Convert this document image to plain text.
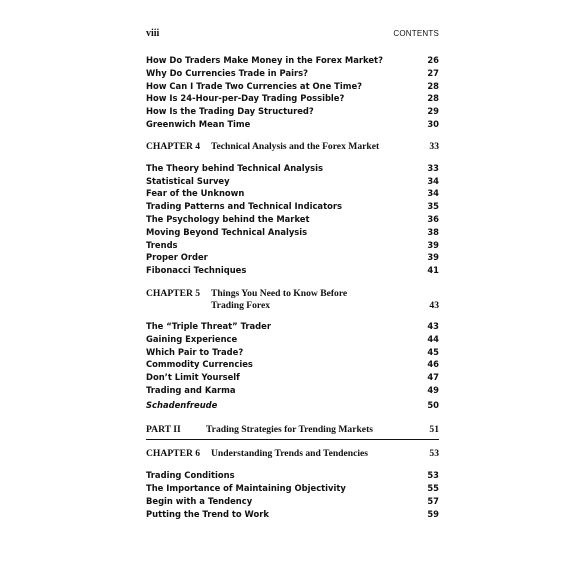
viii	CONTENTS
How Do Traders Make Money in the Forex Market?	26
Why Do Currencies Trade in Pairs?	27
How Can I Trade Two Currencies at One Time?	28
How Is 24-Hour-per-Day Trading Possible?	28
How Is the Trading Day Structured?	29
Greenwich Mean Time	30
CHAPTER 4 Technical Analysis and the Forex Market	33
The Theory behind Technical Analysis	33
Statistical Survey	34
Fear of the Unknown	34
Trading Patterns and Technical Indicators	35
The Psychology behind the Market	36
Moving Beyond Technical Analysis	38
Trends	39
Proper Order	39
Fibonacci Techniques	41
CHAPTER 5 Things You Need to Know Before
Trading Forex	43
The “Triple Threat” Trader	43
Gaining Experience	44
Which Pair to Trade?	45
Commodity Currencies	46
Don’t Limit Yourself	47
Trading and Karma	49
Schadenfreude	50
PART II	Trading Strategies for Trending Markets	51
CHAPTER 6 Understanding Trends and Tendencies	53
Trading Conditions	53
The Importance of Maintaining Objectivity	55
Begin with a Tendency	57
Putting the Trend to Work	59
